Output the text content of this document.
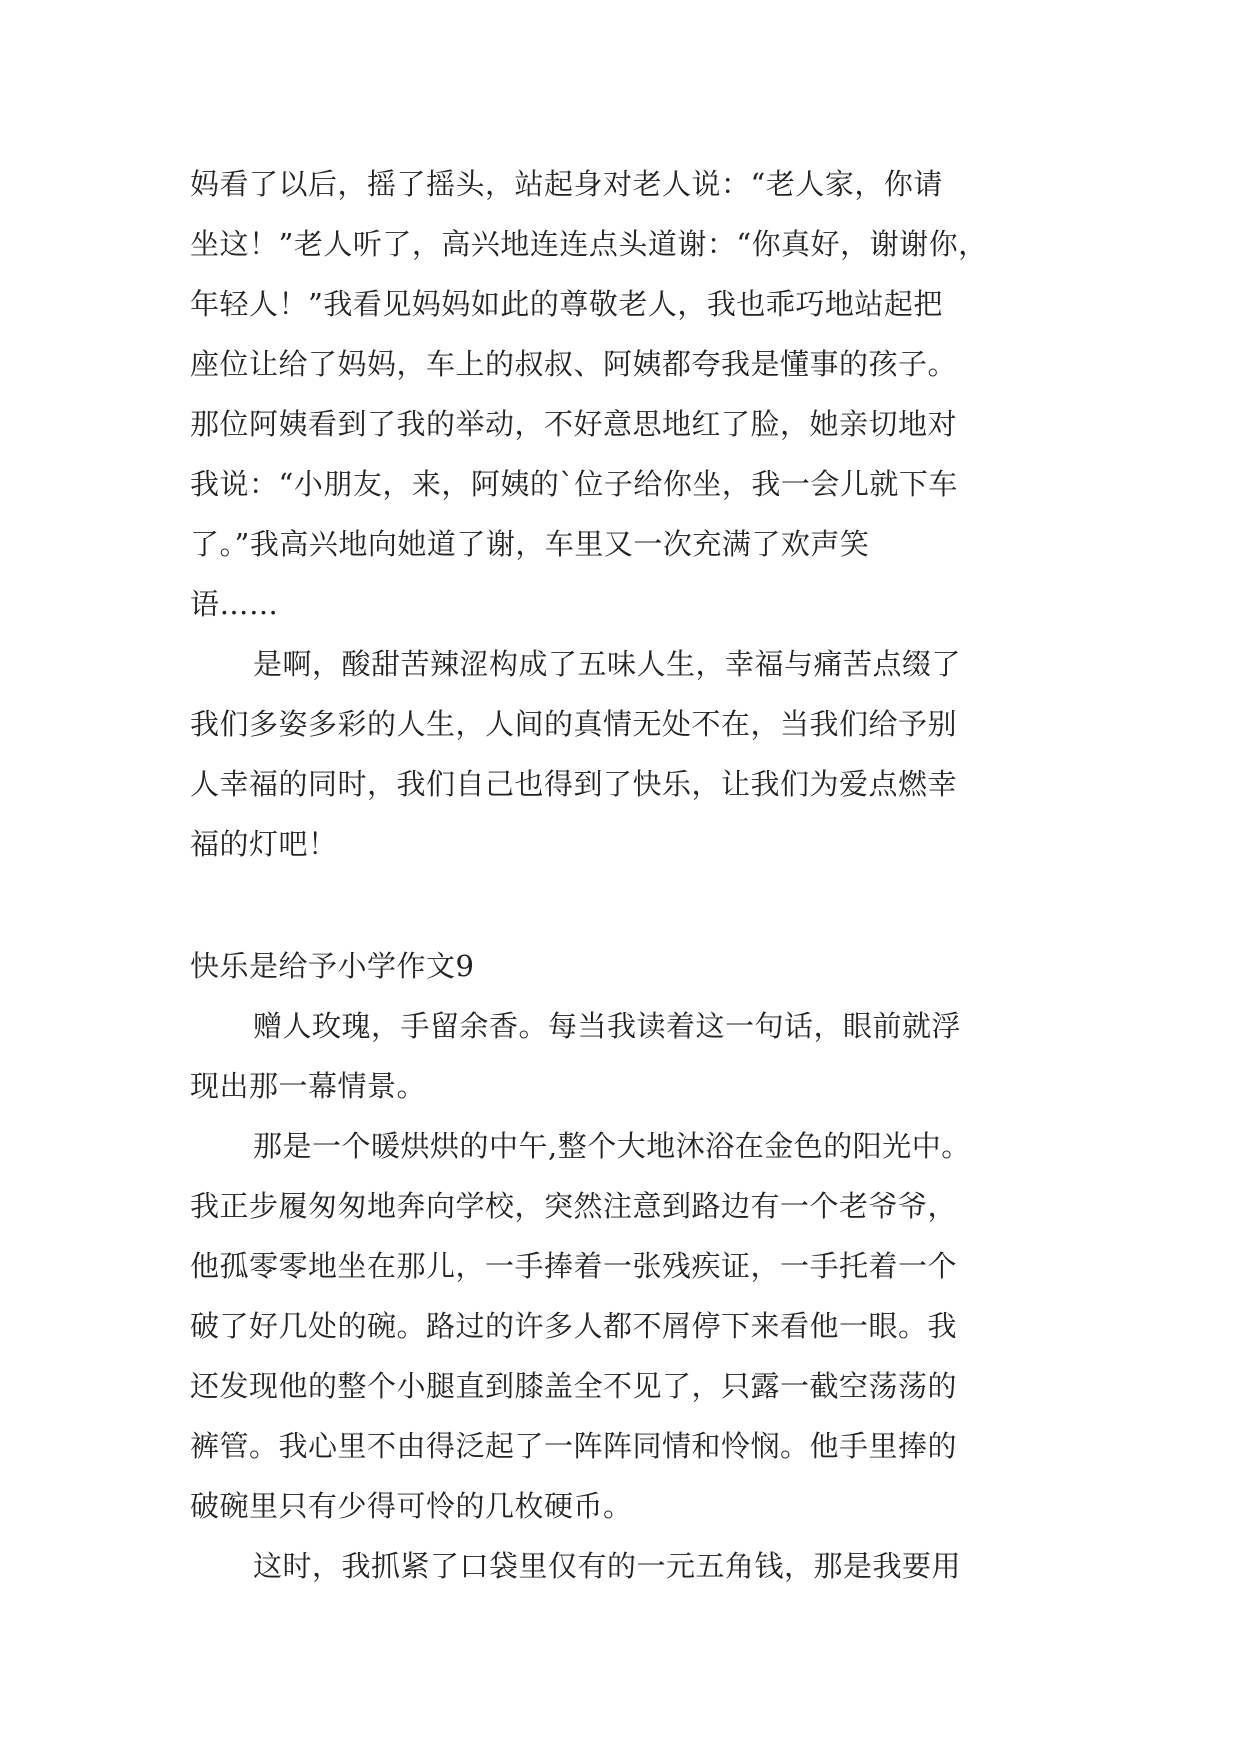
妈看了以后，摇了摇头，站起身对老人说：“老人家，你请
坐这！”老人听了，高兴地连连点头道谢：“你真好，谢谢你，
年轻人！”我看见妈妈如此的尊敬老人，我也乖巧地站起把
座位让给了妈妈，车上的叔叔、阿姨都夸我是懂事的孩子。
那位阿姨看到了我的举动，不好意思地红了脸，她亲切地对
我说：“小朋友，来，阿姨的`位子给你坐，我一会儿就下车
了。”我高兴地向她道了谢，车里又一次充满了欢声笑
语……
是啊，酸甜苦辣涩构成了五味人生，幸福与痛苦点缀了
我们多姿多彩的人生，人间的真情无处不在，当我们给予别
人幸福的同时，我们自己也得到了快乐，让我们为爱点燃幸
福的灯吧！
快乐是给予小学作文9
赠人玫瑰，手留余香。每当我读着这一句话，眼前就浮
现出那一幕情景。
那是一个暖烘烘的中午,整个大地沐浴在金色的阳光中。
我正步履匆匆地奔向学校，突然注意到路边有一个老爷爷，
他孤零零地坐在那儿，一手捧着一张残疾证，一手托着一个
破了好几处的碗。路过的许多人都不屑停下来看他一眼。我
还发现他的整个小腿直到膝盖全不见了，只露一截空荡荡的
裤管。我心里不由得泛起了一阵阵同情和怜悯。他手里捧的
破碗里只有少得可怜的几枚硬币。
这时，我抓紧了口袋里仅有的一元五角钱，那是我要用
